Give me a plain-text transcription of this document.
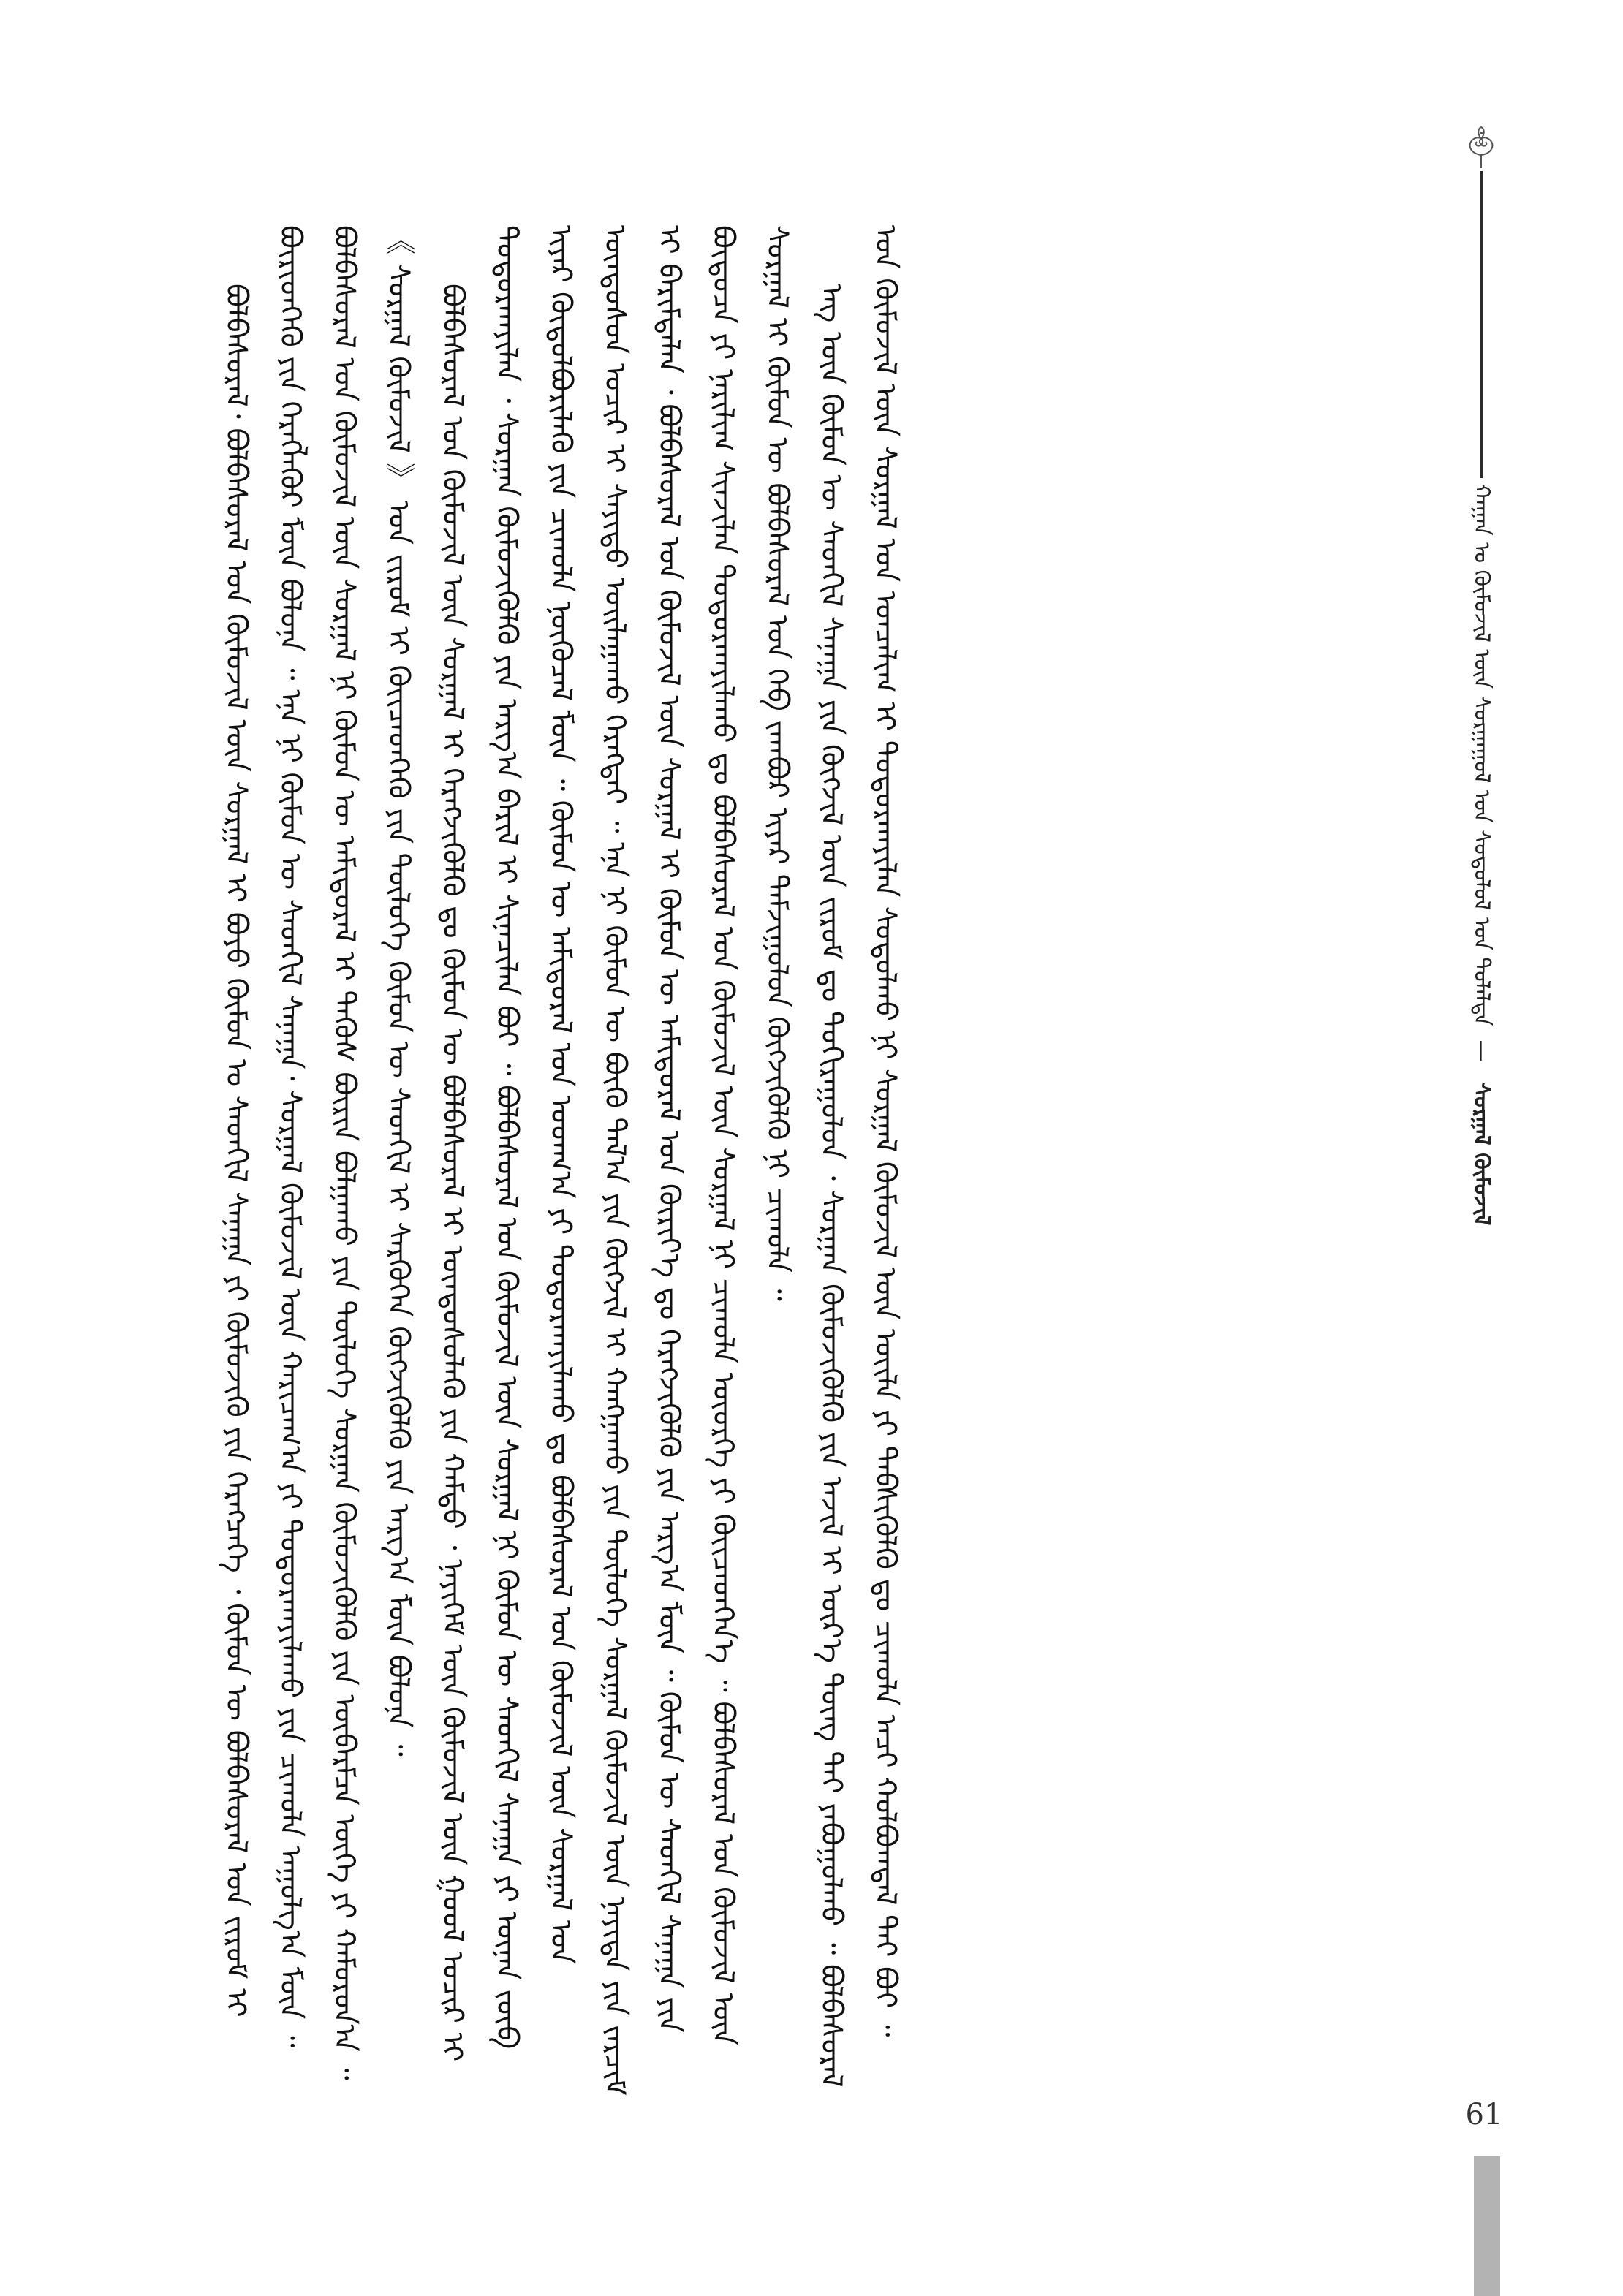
ᠬᠠᠭᠠᠨ ᠤ ᠬᠦᠮᠦᠵᠢᠯ ᠦᠨ ᠰᠤᠷᠭᠠᠭᠤᠯ ᠤᠨ ᠰᠤᠳᠤᠯᠤᠯ ᠤᠨ ᠲᠤᠯᠠᠯᠲᠠ  —   ᠰᠤᠷᠭᠠᠯ ᠬᠦᠮᠦᠵᠢᠯ

ᠪᠣᠯᠪᠠᠰᠤᠷᠠᠯ᠂ ᠪᠣᠯᠪᠠᠰᠤᠷᠠᠯ ᠤᠨ ᠬᠦᠮᠦᠵᠢᠯ ᠦᠨ ᠰᠤᠷᠭᠠᠯ ᠢ ᠪᠤᠶᠤ ᠬᠦᠮᠦᠨ ᠤ ᠰᠡᠳᠬᠢᠯ ᠰᠠᠨᠠᠭᠠ ᠶᠢ ᠬᠦᠮᠦᠵᠢᠬᠦ ᠶᠢᠨ ᠬᠡᠷᠡᠭᠴᠡᠭᠡ ᠂ ᠬᠦᠮᠦᠨ ᠦ ᠪᠣᠯᠪᠠᠰᠤᠷᠠᠯ ᠤᠨ ᠵᠢᠷᠤᠮ ᠢ ᠪᠦᠷᠢᠳᠬᠡᠬᠦ ᠶᠢᠨ ᠬᠡᠷᠡᠭᠯᠡᠭᠦᠷ ᠮᠥᠨ ᠪᠣᠯᠤᠨᠠ ᠃ ᠡᠨᠡ ᠨᠢ ᠬᠦᠮᠦᠨ ᠦ ᠰᠡᠳᠬᠢᠯ ᠰᠠᠨᠠᠭᠠ᠂ ᠰᠤᠷᠭᠠᠯ ᠬᠦᠮᠦᠵᠢᠯ ᠦᠨ ᠬᠠᠷᠢᠴᠠᠭ᠎ᠠ ᠶᠢ ᠲᠣᠳᠣᠷᠬᠠᠶᠢᠯᠠᠬᠤ ᠶᠢᠨ ᠴᠢᠬᠤᠯᠠ ᠠᠭᠤᠯᠭ᠎ᠠ ᠮᠥᠨ ᠃ ᠪᠣᠯᠪᠠᠰᠤᠷᠠᠯ ᠤᠨ ᠬᠦᠮᠦᠵᠢᠯ ᠦᠨ ᠰᠤᠷᠭᠠᠯ ᠨᠢ ᠬᠦᠮᠦᠨ ᠦ ᠠᠮᠢᠳᠤᠷᠠᠯ ᠢ ᠲᠡᠭᠦᠰ ᠪᠦᠷᠢᠨ ᠪᠣᠯᠭᠠᠬᠤ ᠶᠢᠨ ᠲᠥᠯᠦᠭᠡ ᠰᠤᠷᠭᠠᠨ ᠬᠦᠮᠦᠵᠢᠭᠦᠯᠬᠦ ᠶᠢᠨ ᠥᠪᠡᠷᠮᠴᠡ ᠦᠭᠡ ᠶᠢ ᠬᠠᠮᠤᠷᠤᠨ᠎ᠠ ᠃ 《 ᠰᠤᠷᠭᠠᠯ ᠬᠦᠮᠦᠵᠢᠯ 》 ᠤᠨ ᠵᠢᠷᠤᠮ ᠢ ᠭᠦᠢᠴᠡᠳᠬᠡᠬᠦ ᠶᠢᠨ ᠲᠥᠯᠦᠭᠡ ᠬᠦᠮᠦᠨ ᠦ ᠰᠡᠳᠬᠢᠯ ᠢ ᠰᠡᠷᠭᠦᠭᠡᠨ ᠬᠥᠭᠵᠢᠭᠦᠯᠬᠦ ᠶᠢᠨ ᠠᠷᠭ᠎ᠠ ᠮᠥᠨ ᠪᠣᠯᠤᠨᠠ ᠃ ᠪᠣᠯᠪᠠᠰᠤᠷᠠᠯ ᠤᠨ ᠬᠦᠮᠦᠵᠢᠯ ᠦᠨ ᠰᠤᠷᠭᠠᠯ ᠢ ᠬᠡᠷᠡᠭᠵᠢᠭᠦᠯᠬᠦ ᠳᠤ ᠬᠦᠮᠦᠨ ᠦ ᠪᠣᠯᠪᠠᠰᠤᠷᠠᠯ ᠢ ᠦᠨᠳᠦᠰᠦᠯᠡᠬᠦ ᠶᠢᠨ ᠬᠠᠮᠲᠤ ᠂ ᠨᠡᠶᠢᠭᠡᠮ ᠦᠨ ᠬᠦᠮᠦᠵᠢᠯ ᠦᠨ ᠭᠣᠤᠯ ᠤᠴᠢᠷ ᠢ ᠲᠣᠳᠣᠷᠬᠠᠶᠢᠯᠠᠨ ᠂ ᠰᠤᠷᠭᠠᠨ ᠬᠦᠮᠦᠵᠢᠭᠦᠯᠬᠦ ᠶᠢᠨ ᠠᠷᠭ᠎ᠠ ᠪᠠᠷᠢᠯ ᠢ ᠰᠢᠨᠡᠴᠢᠯᠡᠨ ᠪᠤᠢ ᠃ ᠪᠣᠯᠪᠠᠰᠤᠷᠠᠯ ᠤᠨ ᠬᠦᠮᠦᠵᠢᠯ ᠦᠨ ᠰᠤᠷᠭᠠᠯ ᠨᠢ ᠬᠦᠮᠦᠨ ᠦ ᠰᠡᠳᠬᠢᠯ ᠰᠠᠨᠠᠭᠠ ᠶᠢ ᠦᠨᠡᠨ ᠵᠥᠪ ᠢᠶᠡᠷ ᠬᠥᠲᠦᠯᠪᠦᠷᠢᠯᠡᠬᠦ ᠶᠢᠨ ᠴᠢᠬᠤᠯᠠ ᠨᠥᠬᠦᠴᠡᠯ ᠮᠥᠨ ᠃ ᠬᠦᠮᠦᠨ ᠦ ᠠᠮᠢᠳᠤᠷᠠᠯ ᠤᠨ ᠤᠳᠬ᠎ᠠ ᠶᠢ ᠲᠣᠳᠣᠷᠬᠠᠶᠢᠯᠠᠬᠤ ᠳᠤ ᠪᠣᠯᠪᠠᠰᠤᠷᠠᠯ ᠤᠨ ᠬᠦᠮᠦᠵᠢᠯ ᠦᠨ ᠰᠤᠷᠭᠠᠯ ᠤᠨ ᠦᠨᠳᠦᠰᠦᠨ ᠤᠴᠢᠷ ᠢ ᠰᠠᠶᠢᠲᠤ ᠣᠢᠯᠠᠭᠠᠬᠤ ᠬᠡᠷᠡᠭᠲᠡᠢ ᠃ ᠡᠨᠡ ᠨᠢ ᠬᠦᠮᠦᠨ ᠦ ᠪᠦᠬᠦ ᠲᠠᠯ᠎ᠠ ᠶᠢᠨ ᠬᠥᠭᠵᠢᠯ ᠢ ᠬᠠᠩᠭᠠᠬᠤ ᠶᠢᠨ ᠲᠥᠯᠦᠭᠡ ᠰᠤᠷᠭᠠᠯ ᠬᠦᠮᠦᠵᠢᠯ ᠦᠨ ᠨᠡᠶᠢᠲᠡ ᠶᠢᠨ ᠵᠠᠷᠴᠢᠮ ᠢ ᠪᠠᠷᠢᠮᠲᠠᠯᠠᠨ ᠂ ᠪᠣᠯᠪᠠᠰᠤᠷᠠᠯ ᠤᠨ ᠬᠦᠮᠦᠵᠢᠯ ᠦᠨ ᠰᠤᠷᠭᠠᠯ ᠢ ᠬᠦᠮᠦᠨ ᠦ ᠠᠮᠢᠳᠤᠷᠠᠯ ᠤᠨ ᠬᠦᠷᠢᠶ᠎ᠡ ᠳᠤ ᠬᠡᠷᠡᠭᠵᠢᠭᠦᠯᠬᠦ ᠶᠢᠨ ᠠᠷᠭ᠎ᠠ ᠮᠥᠨ ᠃ ᠬᠦᠮᠦᠨ ᠦ ᠰᠡᠳᠬᠢᠯ ᠰᠠᠨᠠᠭᠠ ᠶᠢᠨ ᠪᠦᠲᠦᠴᠡ ᠶᠢ ᠨᠠᠷᠢᠯᠢᠭ ᠰᠢᠨᠵᠢᠯᠡᠨ ᠲᠣᠳᠣᠷᠬᠠᠶᠢᠯᠠᠬᠤ ᠳᠤ ᠪᠣᠯᠪᠠᠰᠤᠷᠠᠯ ᠤᠨ ᠬᠦᠮᠦᠵᠢᠯ ᠦᠨ ᠰᠤᠷᠭᠠᠯ ᠨᠢ ᠴᠢᠬᠤᠯᠠ ᠦᠦᠷᠭᠡ ᠶᠢ ᠭᠦᠢᠴᠡᠳᠭᠡᠨ᠎ᠡ ᠃ ᠪᠣᠯᠪᠠᠰᠤᠷᠠᠯ ᠤᠨ ᠬᠦᠮᠦᠵᠢᠯ ᠦᠨ ᠰᠤᠷᠭᠠᠯ ᠢ ᠬᠦᠮᠦᠨ ᠦ ᠪᠣᠯᠪᠠᠰᠤᠷᠠᠯ ᠤᠨ ᠬᠡᠪ ᠵᠠᠭᠪᠤᠷ ᠢᠶᠠᠷ ᠳᠠᠮᠵᠢᠭᠤᠯᠤᠨ ᠬᠥᠭᠵᠢᠭᠦᠯᠬᠦ ᠨᠢ ᠴᠢᠬᠤᠯᠠ ᠃ ᠡᠩ ᠦᠨ ᠬᠦᠮᠦᠨ ᠦ ᠰᠡᠳᠬᠢᠯ ᠰᠠᠨᠠᠭᠠ ᠶᠢᠨ ᠬᠥᠭᠵᠢᠯ ᠦᠨ ᠵᠢᠷᠤᠮ ᠳᠤ ᠲᠣᠬᠢᠷᠠᠭᠤᠯᠤᠨ ᠂ ᠰᠤᠷᠭᠠᠨ ᠬᠦᠮᠦᠵᠢᠭᠦᠯᠬᠦ ᠶᠢᠨ ᠠᠵᠢᠯ ᠢ ᠦᠷ᠎ᠡ ᠳᠦᠩ ᠲᠡᠢ ᠶᠠᠪᠤᠭᠤᠯᠬᠤ ᠃ ᠪᠣᠯᠪᠠᠰᠤᠷᠠᠯ ᠤᠨ ᠬᠦᠮᠦᠵᠢᠯ ᠦᠨ ᠰᠤᠷᠭᠠᠯ ᠤᠨ ᠣᠨᠴᠠᠯᠢᠭ ᠢ ᠲᠣᠳᠣᠷᠬᠠᠶᠢᠯᠠᠨ ᠰᠤᠳᠤᠯᠬᠤ ᠨᠢ ᠰᠤᠷᠭᠠᠯ ᠬᠦᠮᠦᠵᠢᠯ ᠦᠨ ᠦᠢᠯᠡ ᠶᠢ ᠳᠡᠪᠰᠢᠭᠦᠯᠬᠦ ᠳᠤ ᠴᠢᠬᠤᠯᠠ ᠠᠴᠢ ᠬᠣᠯᠪᠣᠭᠳᠠᠯ ᠲᠠᠢ ᠪᠤᠢ ᠃

61
